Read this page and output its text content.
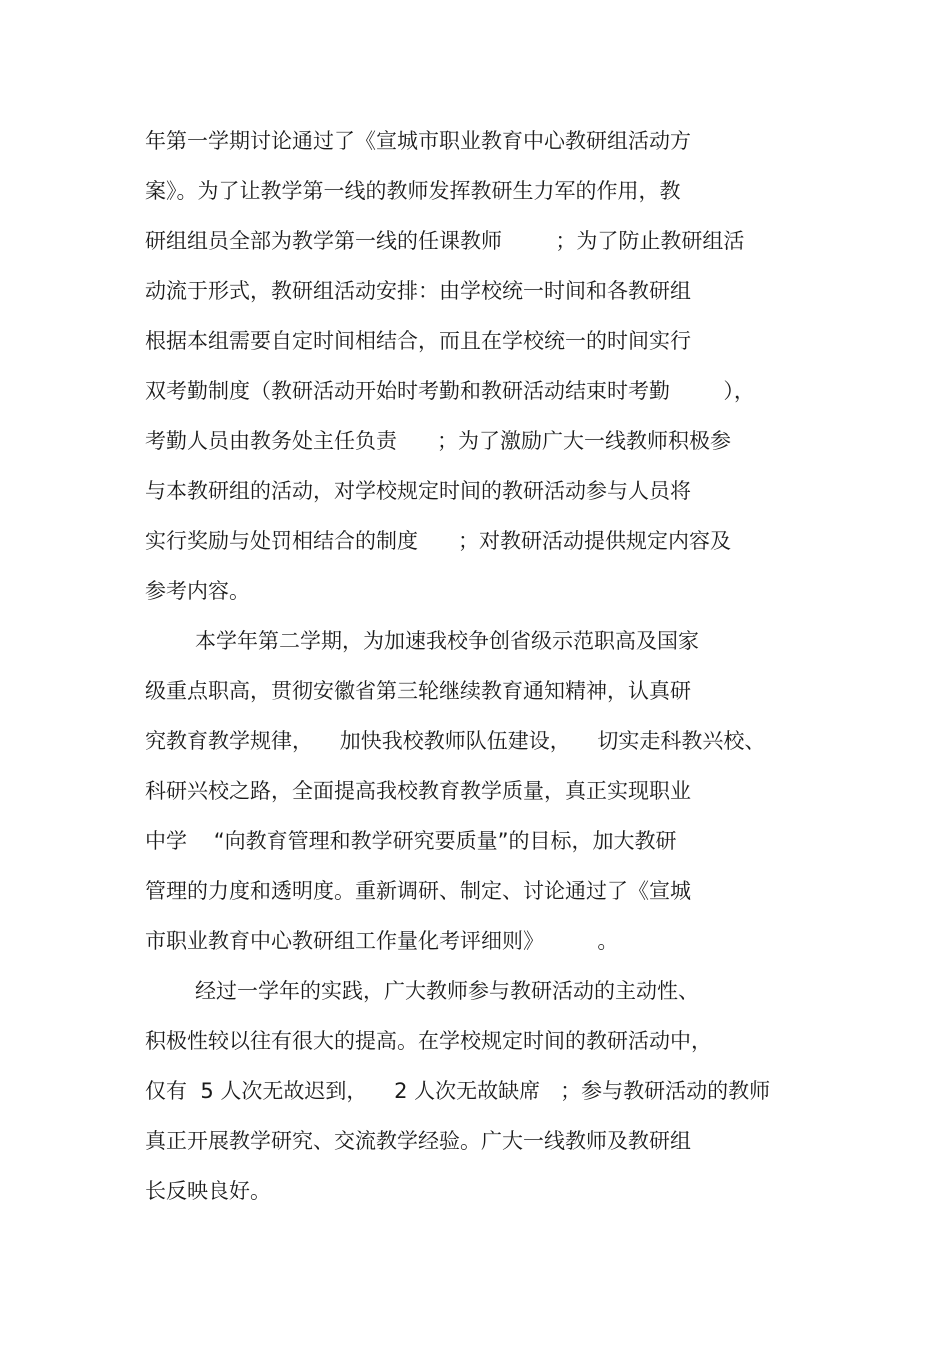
年第一学期讨论通过了《宣城市职业教育中心教研组活动方
案》。为了让教学第一线的教师发挥教研生力军的作用，教
研组组员全部为教学第一线的任课教师        ；为了防止教研组活
动流于形式，教研组活动安排：由学校统一时间和各教研组
根据本组需要自定时间相结合，而且在学校统一的时间实行
双考勤制度（教研活动开始时考勤和教研活动结束时考勤        ），
考勤人员由教务处主任负责      ；为了激励广大一线教师积极参
与本教研组的活动，对学校规定时间的教研活动参与人员将
实行奖励与处罚相结合的制度      ；对教研活动提供规定内容及
参考内容。
本学年第二学期，为加速我校争创省级示范职高及国家
级重点职高，贯彻安徽省第三轮继续教育通知精神，认真研
究教育教学规律，    加快我校教师队伍建设，    切实走科教兴校、
科研兴校之路，全面提高我校教育教学质量，真正实现职业
中学    “向教育管理和教学研究要质量”的目标，加大教研
管理的力度和透明度。重新调研、制定、讨论通过了《宣城
市职业教育中心教研组工作量化考评细则》        。
经过一学年的实践，广大教师参与教研活动的主动性、
积极性较以往有很大的提高。在学校规定时间的教研活动中，
仅有  5 人次无故迟到，    2 人次无故缺席   ；参与教研活动的教师
真正开展教学研究、交流教学经验。广大一线教师及教研组
长反映良好。
